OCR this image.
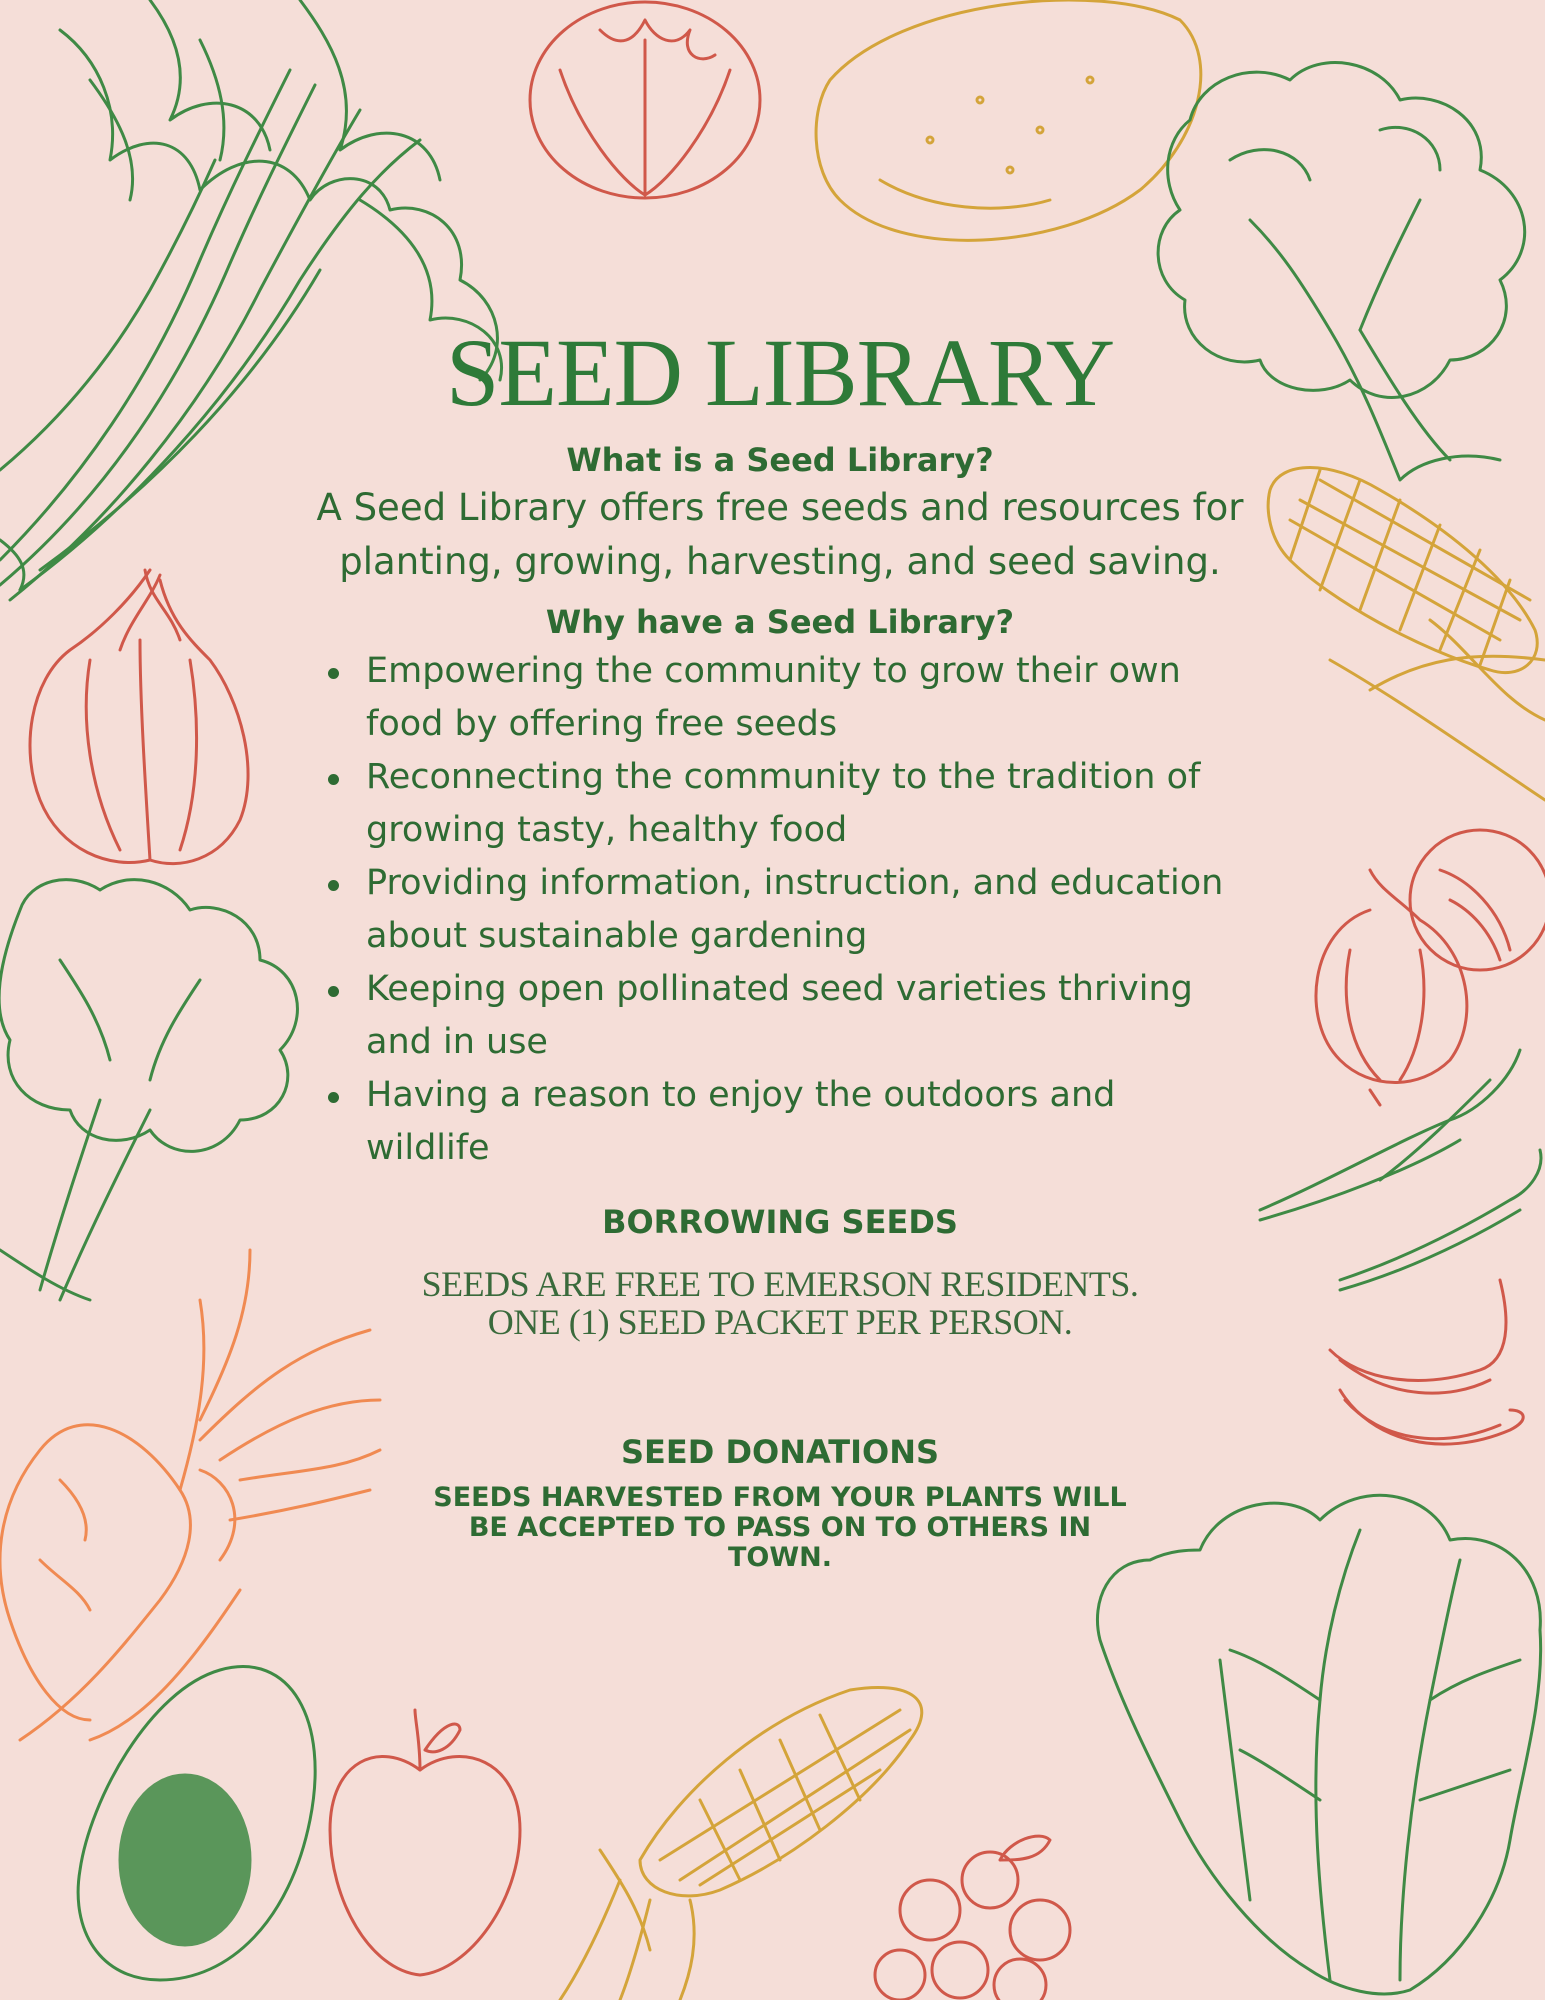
SEED LIBRARY

What is a Seed Library?

A Seed Library offers free seeds and resources for planting, growing, harvesting, and seed saving.

Why have a Seed Library?

Empowering the community to grow their own food by offering free seeds
Reconnecting the community to the tradition of growing tasty, healthy food
Providing information, instruction, and education about sustainable gardening
Keeping open pollinated seed varieties thriving and in use
Having a reason to enjoy the outdoors and wildlife

BORROWING SEEDS

SEEDS ARE FREE TO EMERSON RESIDENTS.
ONE (1) SEED PACKET PER PERSON.

SEED DONATIONS

SEEDS HARVESTED FROM YOUR PLANTS WILL BE ACCEPTED TO PASS ON TO OTHERS IN TOWN.
